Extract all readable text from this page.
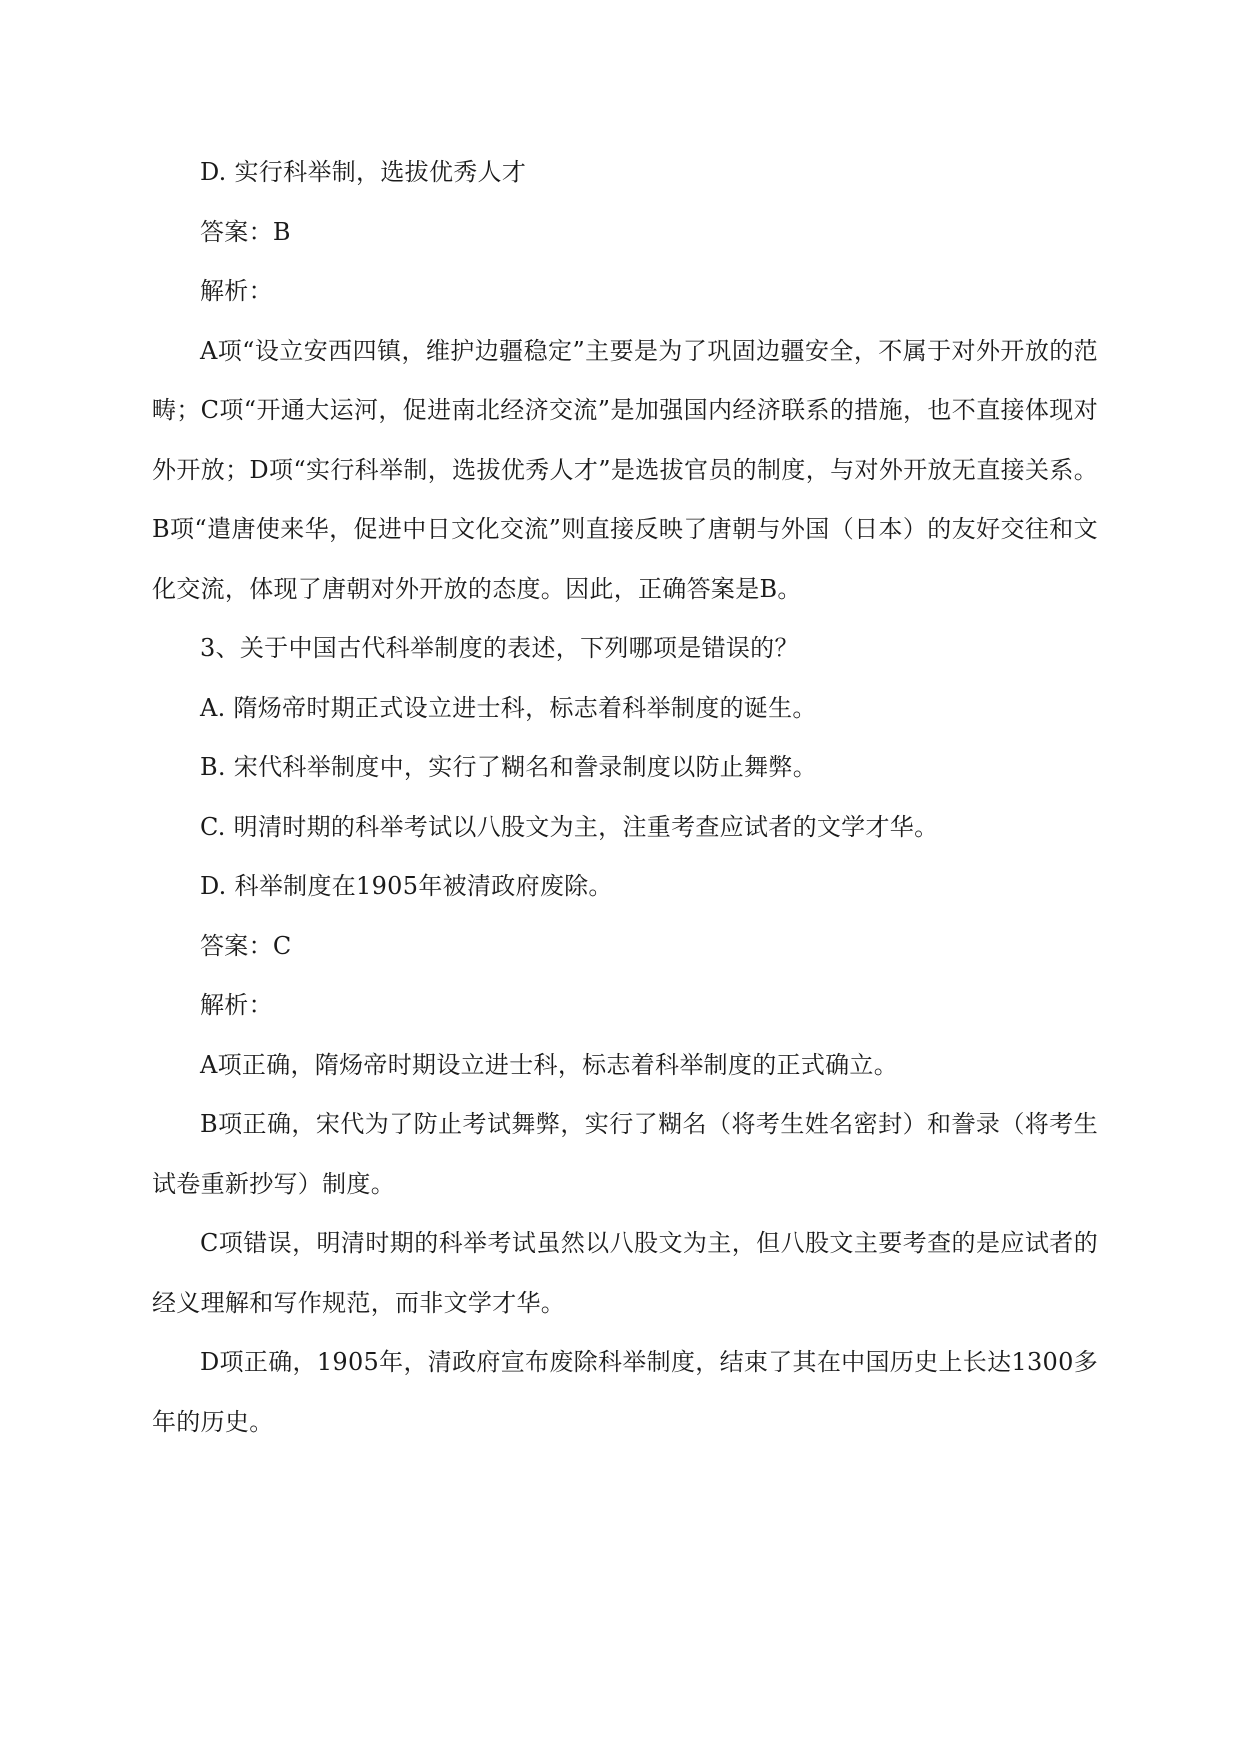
D. 实行科举制，选拔优秀人才

答案：B

解析：

A项“设立安西四镇，维护边疆稳定”主要是为了巩固边疆安全，不属于对外开放的范畴；C项“开通大运河，促进南北经济交流”是加强国内经济联系的措施，也不直接体现对外开放；D项“实行科举制，选拔优秀人才”是选拔官员的制度，与对外开放无直接关系。B项“遣唐使来华，促进中日文化交流”则直接反映了唐朝与外国（日本）的友好交往和文化交流，体现了唐朝对外开放的态度。因此，正确答案是B。

3、关于中国古代科举制度的表述，下列哪项是错误的？

A. 隋炀帝时期正式设立进士科，标志着科举制度的诞生。

B. 宋代科举制度中，实行了糊名和誊录制度以防止舞弊。

C. 明清时期的科举考试以八股文为主，注重考查应试者的文学才华。

D. 科举制度在1905年被清政府废除。

答案：C

解析：

A项正确，隋炀帝时期设立进士科，标志着科举制度的正式确立。

B项正确，宋代为了防止考试舞弊，实行了糊名（将考生姓名密封）和誊录（将考生试卷重新抄写）制度。

C项错误，明清时期的科举考试虽然以八股文为主，但八股文主要考查的是应试者的经义理解和写作规范，而非文学才华。

D项正确，1905年，清政府宣布废除科举制度，结束了其在中国历史上长达1300多年的历史。
